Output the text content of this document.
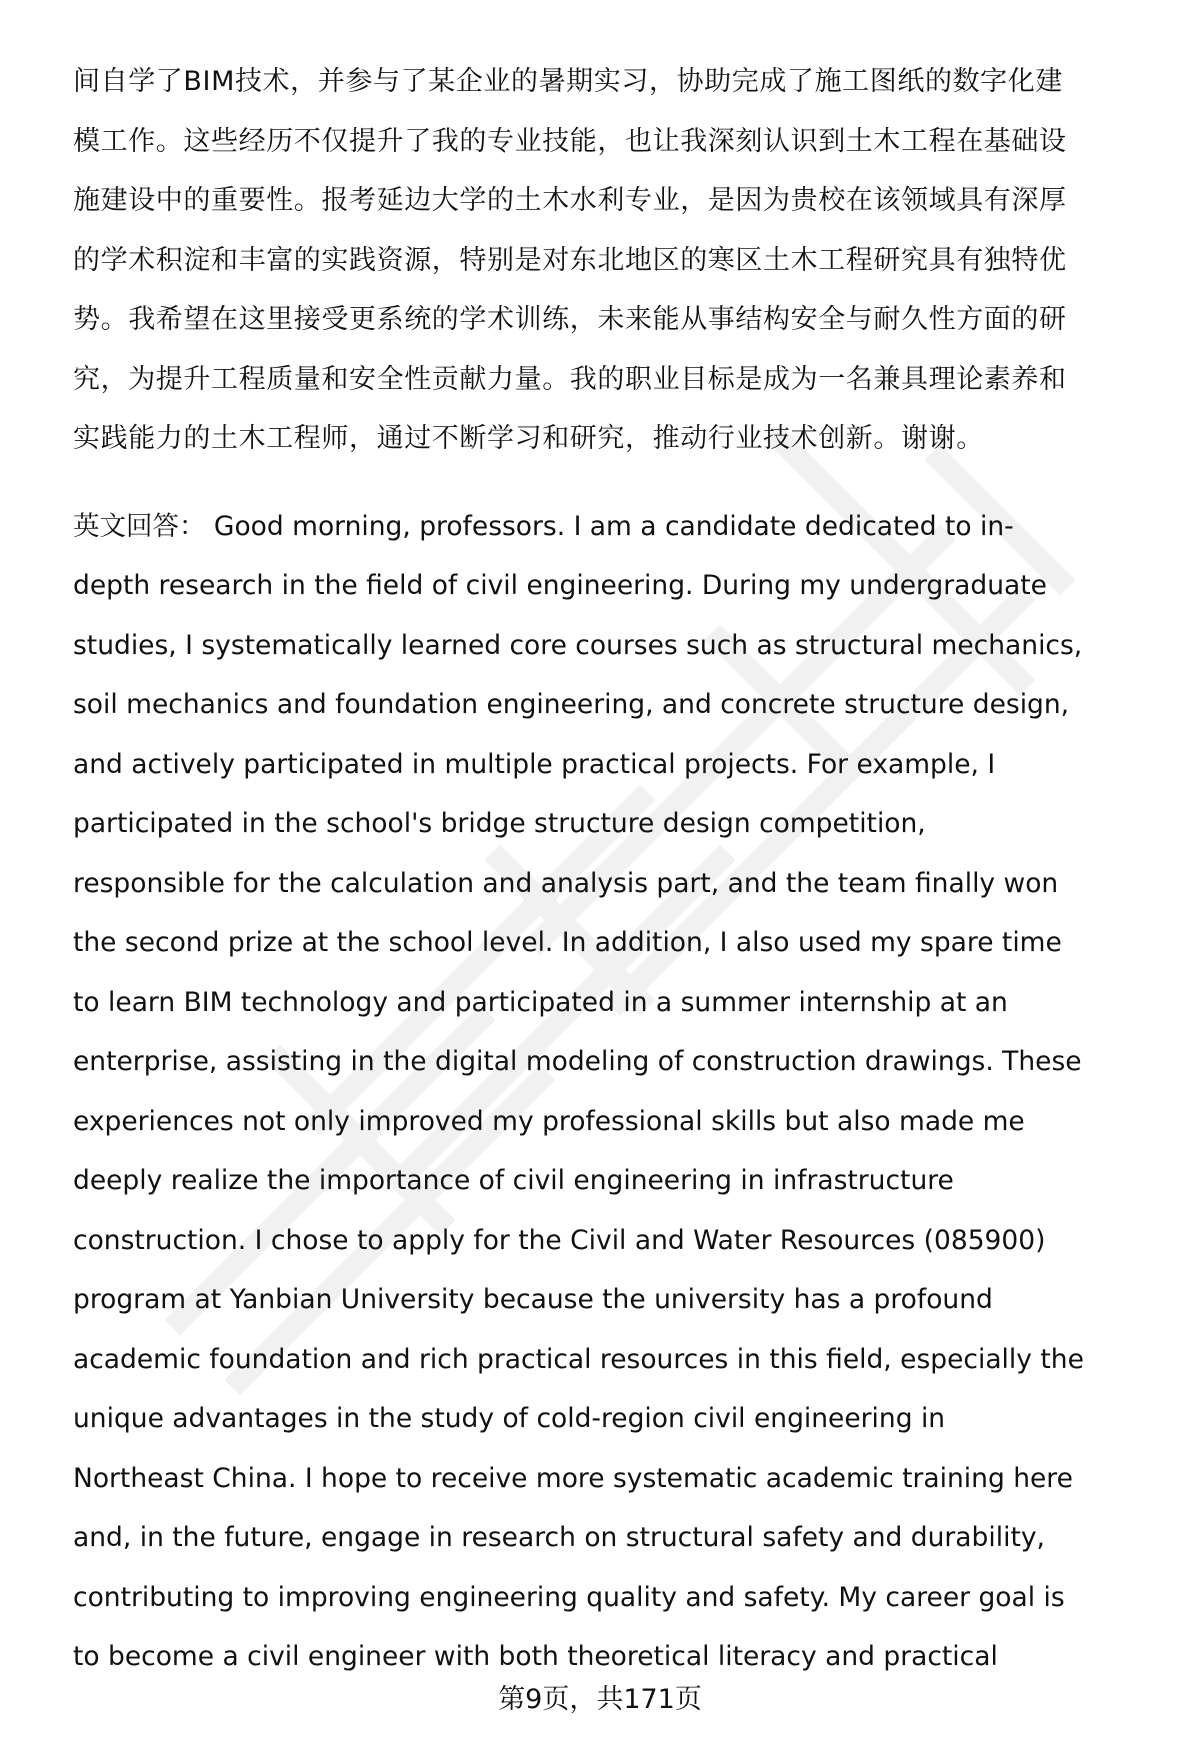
间自学了BIM技术，并参与了某企业的暑期实习，协助完成了施工图纸的数字化建
模工作。这些经历不仅提升了我的专业技能，也让我深刻认识到土木工程在基础设
施建设中的重要性。报考延边大学的土木水利专业，是因为贵校在该领域具有深厚
的学术积淀和丰富的实践资源，特别是对东北地区的寒区土木工程研究具有独特优
势。我希望在这里接受更系统的学术训练，未来能从事结构安全与耐久性方面的研
究，为提升工程质量和安全性贡献力量。我的职业目标是成为一名兼具理论素养和
实践能力的土木工程师，通过不断学习和研究，推动行业技术创新。谢谢。
英文回答： Good morning, professors. I am a candidate dedicated to in-
depth research in the field of civil engineering. During my undergraduate
studies, I systematically learned core courses such as structural mechanics,
soil mechanics and foundation engineering, and concrete structure design,
and actively participated in multiple practical projects. For example, I
participated in the school's bridge structure design competition,
responsible for the calculation and analysis part, and the team finally won
the second prize at the school level. In addition, I also used my spare time
to learn BIM technology and participated in a summer internship at an
enterprise, assisting in the digital modeling of construction drawings. These
experiences not only improved my professional skills but also made me
deeply realize the importance of civil engineering in infrastructure
construction. I chose to apply for the Civil and Water Resources (085900)
program at Yanbian University because the university has a profound
academic foundation and rich practical resources in this field, especially the
unique advantages in the study of cold-region civil engineering in
Northeast China. I hope to receive more systematic academic training here
and, in the future, engage in research on structural safety and durability,
contributing to improving engineering quality and safety. My career goal is
to become a civil engineer with both theoretical literacy and practical
第9页，共171页
